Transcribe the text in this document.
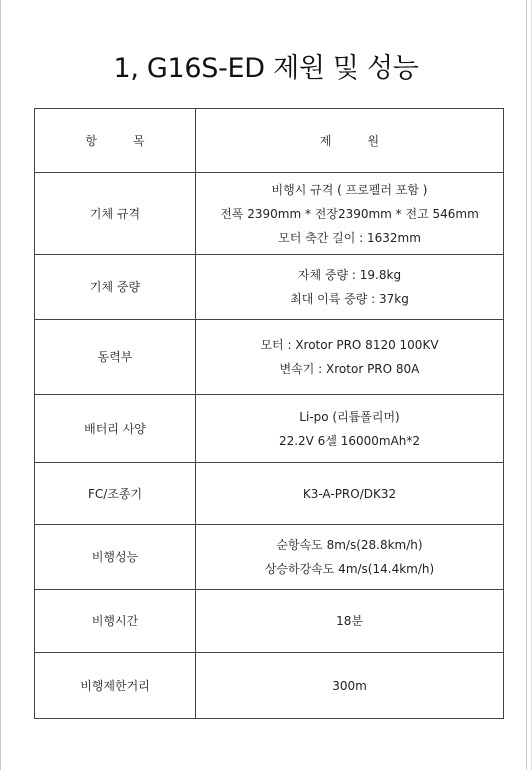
1, G16S-ED 제원 및 성능
항 목	제 원
기체 규격	비행시 규격 ( 프로펠러 포함 )
전폭 2390mm * 전장2390mm * 전고 546mm
모터 축간 길이 : 1632mm

기체 중량	자체 중량 : 19.8kg
최대 이륙 중량 : 37kg

동력부	모터 : Xrotor PRO 8120 100KV
변속기 : Xrotor PRO 80A

배터리 사양	Li-po (리튬폴리머)
22.2V 6셀 16000mAh*2

FC/조종기	K3-A-PRO/DK32

비행성능	순항속도 8m/s(28.8km/h)
상승하강속도 4m/s(14.4km/h)

비행시간	18분

비행제한거리	300m
